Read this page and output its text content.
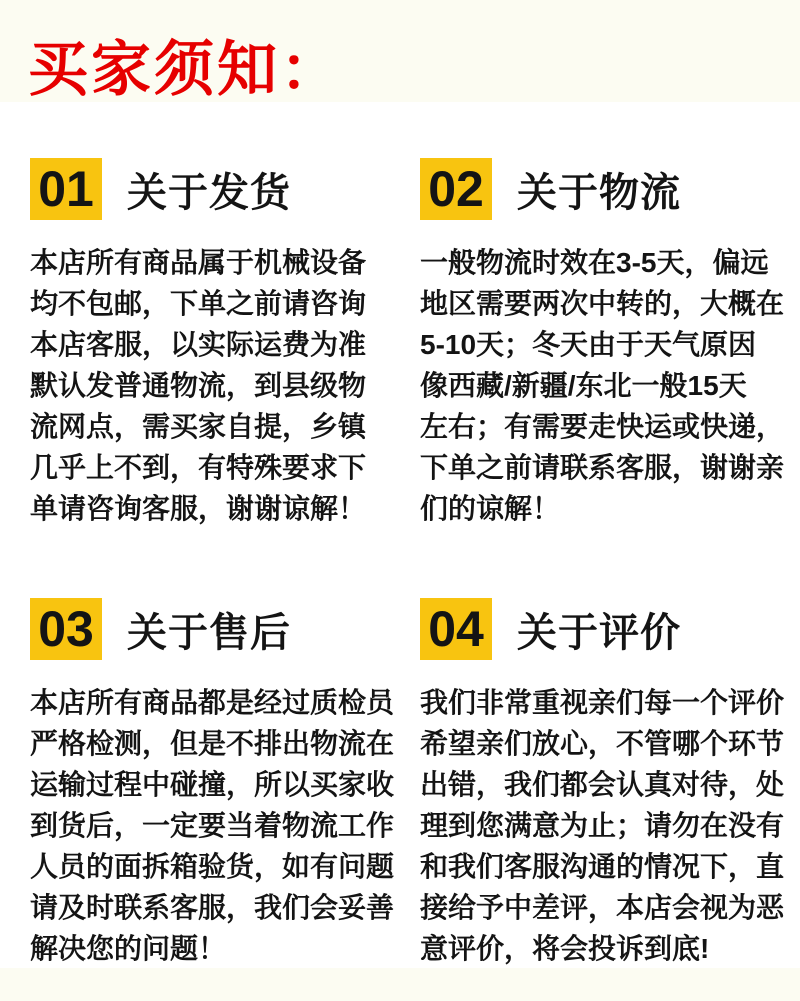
买家须知：
01 关于发货
本店所有商品属于机械设备
均不包邮，下单之前请咨询
本店客服，以实际运费为准
默认发普通物流，到县级物
流网点，需买家自提，乡镇
几乎上不到，有特殊要求下
单请咨询客服，谢谢谅解！
02 关于物流
一般物流时效在3-5天，偏远
地区需要两次中转的，大概在
5-10天；冬天由于天气原因
像西藏/新疆/东北一般15天
左右；有需要走快运或快递，
下单之前请联系客服，谢谢亲
们的谅解！
03 关于售后
本店所有商品都是经过质检员
严格检测，但是不排出物流在
运输过程中碰撞，所以买家收
到货后，一定要当着物流工作
人员的面拆箱验货，如有问题
请及时联系客服，我们会妥善
解决您的问题！
04 关于评价
我们非常重视亲们每一个评价
希望亲们放心，不管哪个环节
出错，我们都会认真对待，处
理到您满意为止；请勿在没有
和我们客服沟通的情况下，直
接给予中差评，本店会视为恶
意评价，将会投诉到底!
